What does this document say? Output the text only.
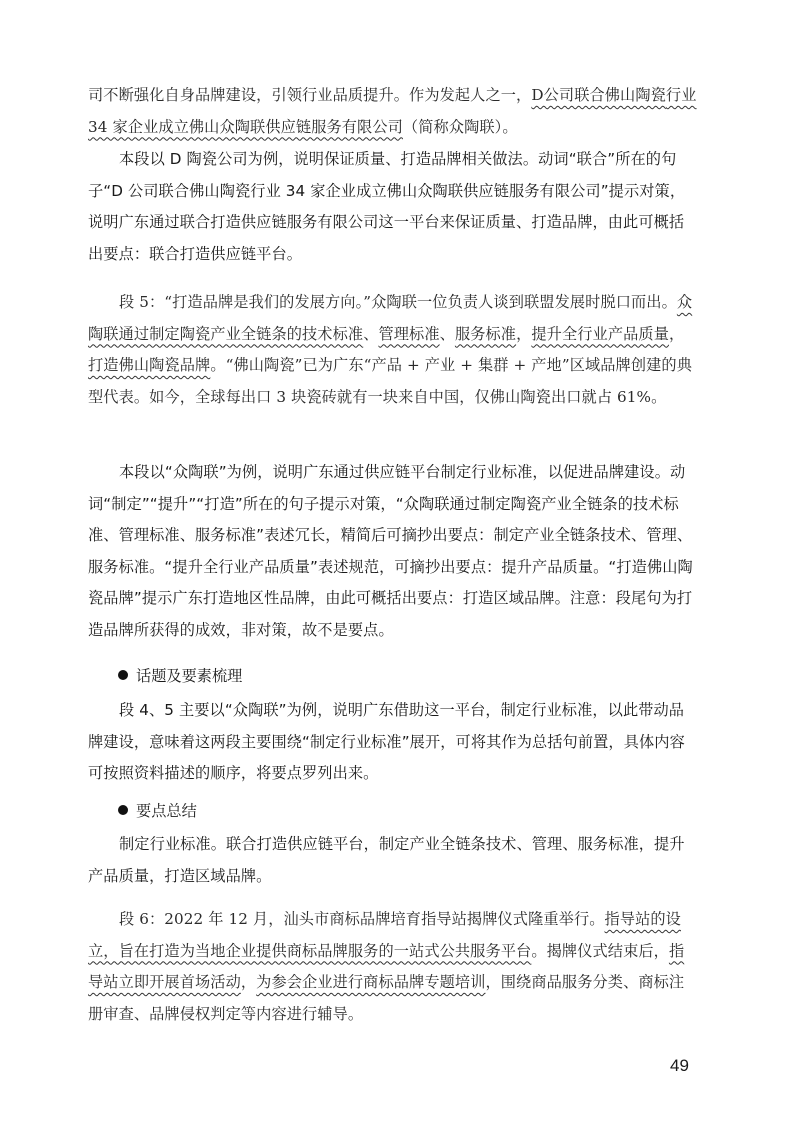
司不断强化自身品牌建设，引领行业品质提升。作为发起人之一，D公司联合佛山陶瓷行业 34 家企业成立佛山众陶联供应链服务有限公司（简称众陶联）。

本段以 D 陶瓷公司为例，说明保证质量、打造品牌相关做法。动词“联合”所在的句子“D 公司联合佛山陶瓷行业 34 家企业成立佛山众陶联供应链服务有限公司”提示对策，说明广东通过联合打造供应链服务有限公司这一平台来保证质量、打造品牌，由此可概括出要点：联合打造供应链平台。

段 5：“打造品牌是我们的发展方向。”众陶联一位负责人谈到联盟发展时脱口而出。众陶联通过制定陶瓷产业全链条的技术标准、管理标准、服务标准，提升全行业产品质量，打造佛山陶瓷品牌。“佛山陶瓷”已为广东“产品 + 产业 + 集群 + 产地”区域品牌创建的典型代表。如今，全球每出口 3 块瓷砖就有一块来自中国，仅佛山陶瓷出口就占 61%。

本段以“众陶联”为例，说明广东通过供应链平台制定行业标准，以促进品牌建设。动词“制定”“提升”“打造”所在的句子提示对策，“众陶联通过制定陶瓷产业全链条的技术标准、管理标准、服务标准”表述冗长，精简后可摘抄出要点：制定产业全链条技术、管理、服务标准。“提升全行业产品质量”表述规范，可摘抄出要点：提升产品质量。“打造佛山陶瓷品牌”提示广东打造地区性品牌，由此可概括出要点：打造区域品牌。注意：段尾句为打造品牌所获得的成效，非对策，故不是要点。

话题及要素梳理

段 4、5 主要以“众陶联”为例，说明广东借助这一平台，制定行业标准，以此带动品牌建设，意味着这两段主要围绕“制定行业标准”展开，可将其作为总括句前置，具体内容可按照资料描述的顺序，将要点罗列出来。

要点总结

制定行业标准。联合打造供应链平台，制定产业全链条技术、管理、服务标准，提升产品质量，打造区域品牌。

段 6：2022 年 12 月，汕头市商标品牌培育指导站揭牌仪式隆重举行。指导站的设立，旨在打造为当地企业提供商标品牌服务的一站式公共服务平台。揭牌仪式结束后，指导站立即开展首场活动，为参会企业进行商标品牌专题培训，围绕商品服务分类、商标注册审查、品牌侵权判定等内容进行辅导。

49
